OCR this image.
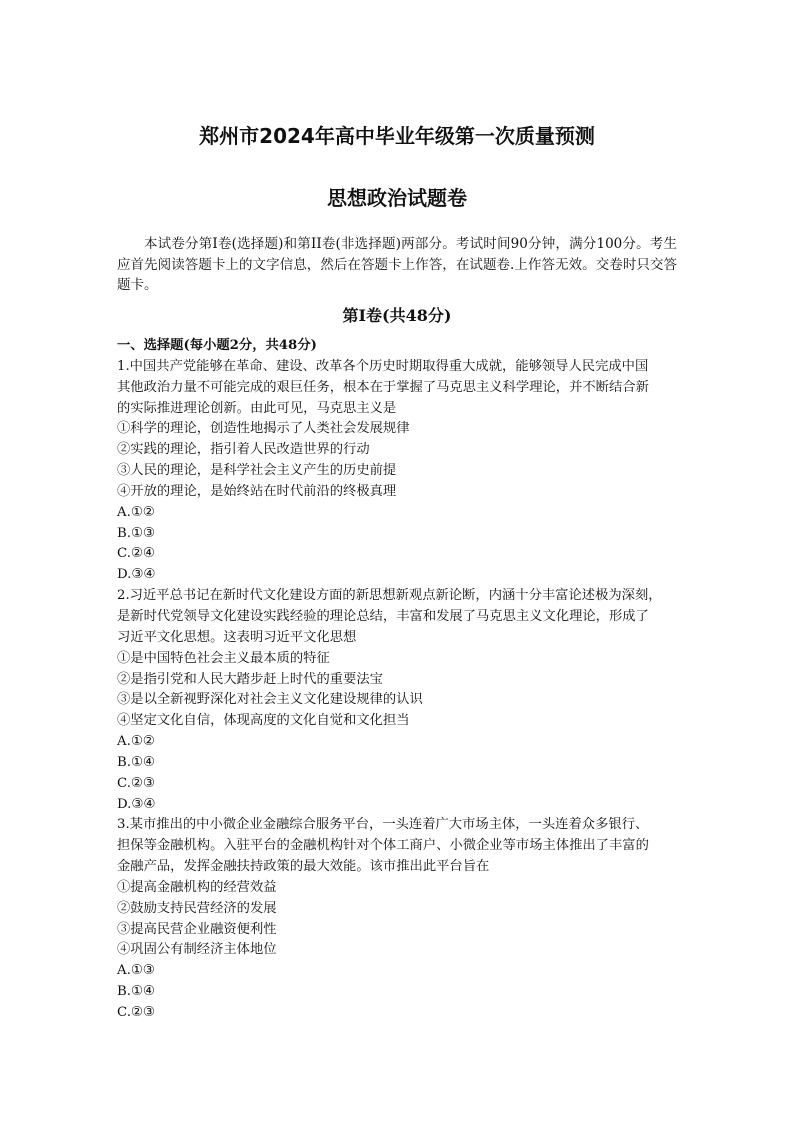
郑州市2024年高中毕业年级第一次质量预测
思想政治试题卷
本试卷分第I卷(选择题)和第II卷(非选择题)两部分。考试时间90分钟，满分100分。考生应首先阅读答题卡上的文字信息，然后在答题卡上作答，在试题卷.上作答无效。交卷时只交答题卡。
第I卷(共48分)
一、选择题(每小题2分，共48分)
1.中国共产党能够在革命、建设、改革各个历史时期取得重大成就，能够领导人民完成中国
其他政治力量不可能完成的艰巨任务，根本在于掌握了马克思主义科学理论，并不断结合新
的实际推进理论创新。由此可见，马克思主义是
①科学的理论，创造性地揭示了人类社会发展规律
②实践的理论，指引着人民改造世界的行动
③人民的理论，是科学社会主义产生的历史前提
④开放的理论，是始终站在时代前沿的终极真理
A.①②
B.①③
C.②④
D.③④
2.习近平总书记在新时代文化建设方面的新思想新观点新论断，内涵十分丰富论述极为深刻，
是新时代党领导文化建设实践经验的理论总结，丰富和发展了马克思主义文化理论，形成了
习近平文化思想。这表明习近平文化思想
①是中国特色社会主义最本质的特征
②是指引党和人民大踏步赶上时代的重要法宝
③是以全新视野深化对社会主义文化建设规律的认识
④坚定文化自信，体现高度的文化自觉和文化担当
A.①②
B.①④
C.②③
D.③④
3.某市推出的中小微企业金融综合服务平台，一头连着广大市场主体，一头连着众多银行、
担保等金融机构。入驻平台的金融机构针对个体工商户、小微企业等市场主体推出了丰富的
金融产品，发挥金融扶持政策的最大效能。该市推出此平台旨在
①提高金融机构的经营效益
②鼓励支持民营经济的发展
③提高民营企业融资便利性
④巩固公有制经济主体地位
A.①③
B.①④
C.②③
